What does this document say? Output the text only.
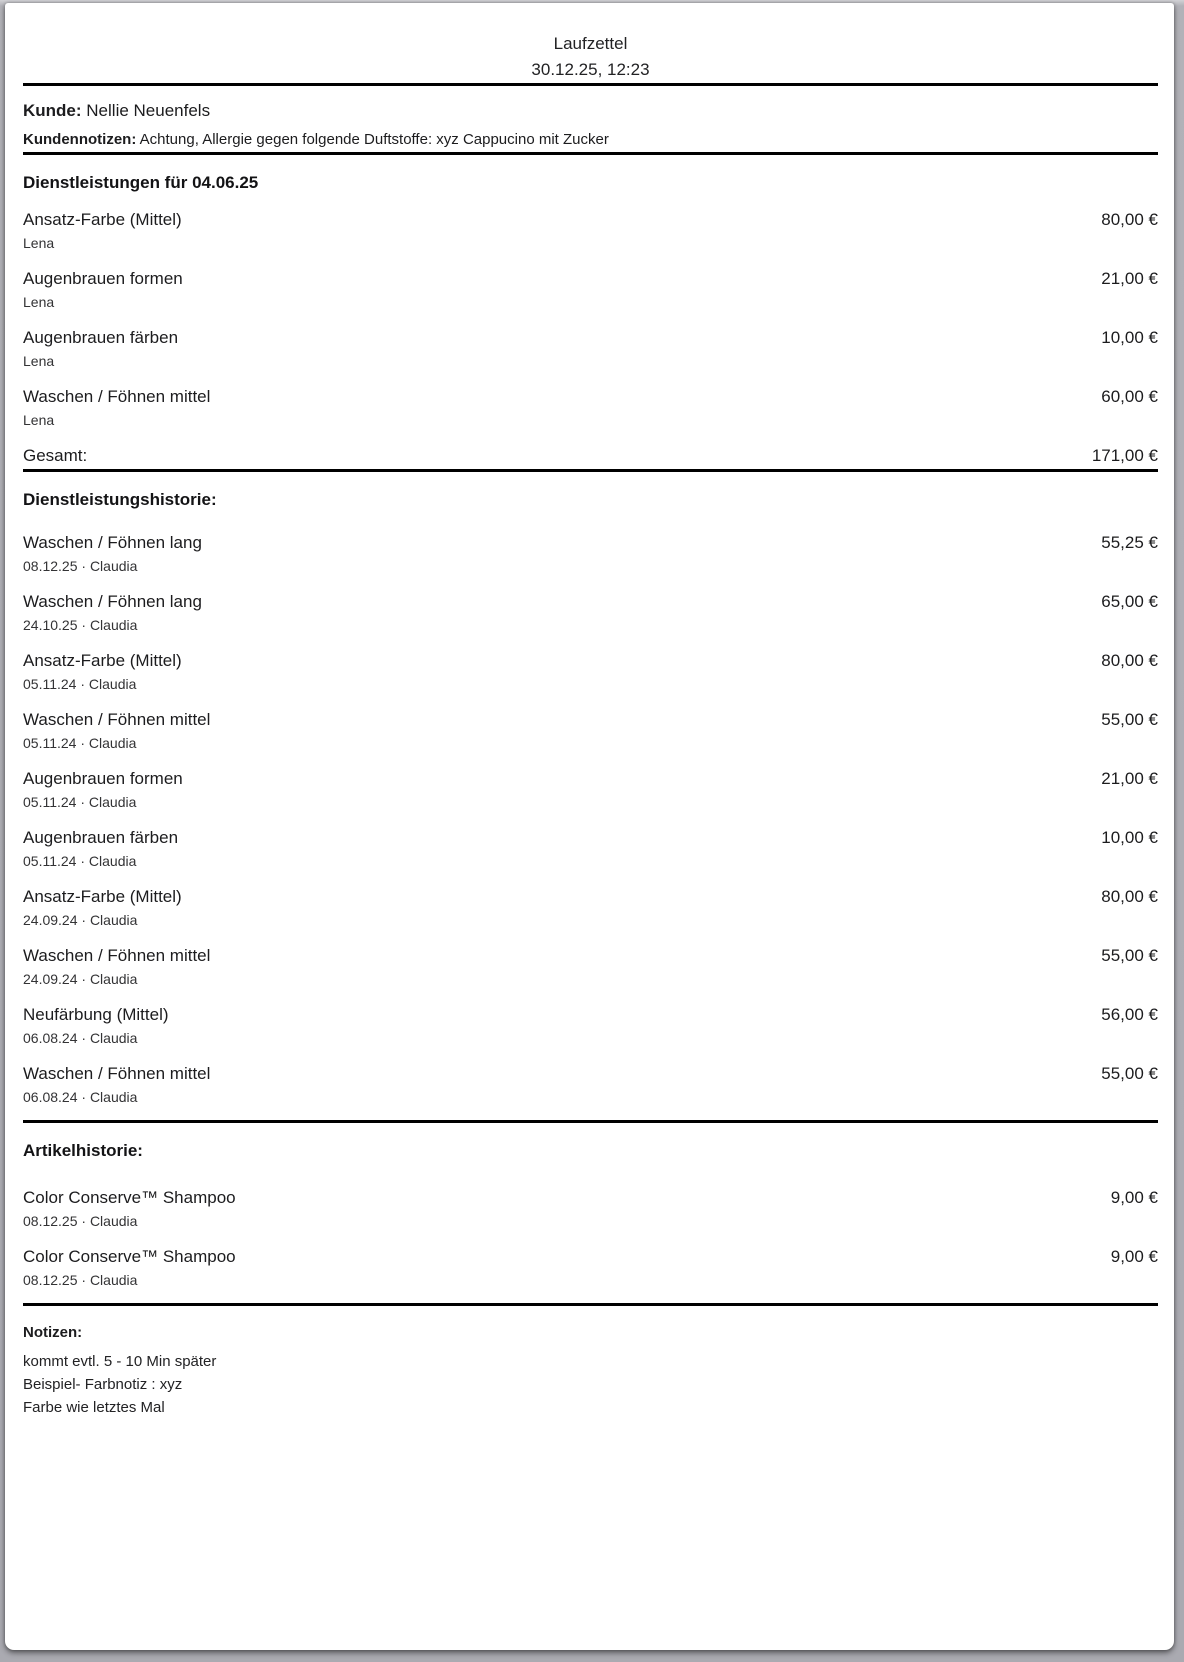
Laufzettel
30.12.25, 12:23
Kunde: Nellie Neuenfels
Kundennotizen: Achtung, Allergie gegen folgende Duftstoffe: xyz Cappucino mit Zucker
Dienstleistungen für 04.06.25
Ansatz-Farbe (Mittel)	80,00 €
Lena
Augenbrauen formen	21,00 €
Lena
Augenbrauen färben	10,00 €
Lena
Waschen / Föhnen mittel	60,00 €
Lena
Gesamt:	171,00 €
Dienstleistungshistorie:
Waschen / Föhnen lang	55,25 €
08.12.25 · Claudia
Waschen / Föhnen lang	65,00 €
24.10.25 · Claudia
Ansatz-Farbe (Mittel)	80,00 €
05.11.24 · Claudia
Waschen / Föhnen mittel	55,00 €
05.11.24 · Claudia
Augenbrauen formen	21,00 €
05.11.24 · Claudia
Augenbrauen färben	10,00 €
05.11.24 · Claudia
Ansatz-Farbe (Mittel)	80,00 €
24.09.24 · Claudia
Waschen / Föhnen mittel	55,00 €
24.09.24 · Claudia
Neufärbung (Mittel)	56,00 €
06.08.24 · Claudia
Waschen / Föhnen mittel	55,00 €
06.08.24 · Claudia
Artikelhistorie:
Color Conserve™ Shampoo	9,00 €
08.12.25 · Claudia
Color Conserve™ Shampoo	9,00 €
08.12.25 · Claudia
Notizen:
kommt evtl. 5 - 10 Min später
Beispiel- Farbnotiz : xyz
Farbe wie letztes Mal
